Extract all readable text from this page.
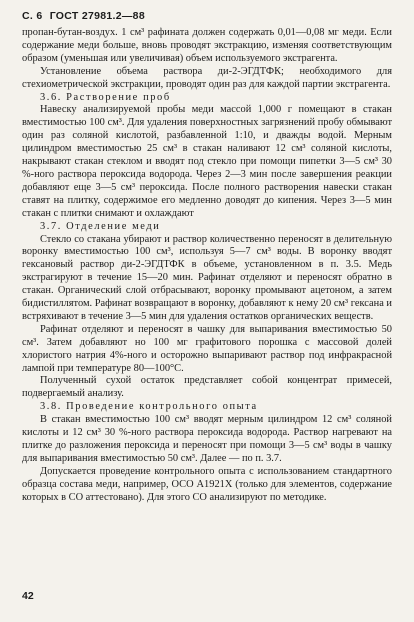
С. 6 ГОСТ 27981.2—88

пропан-бутан-воздух. 1 см³ рафината должен содержать 0,01—0,08 мг меди. Если содержание меди больше, вновь проводят экстракцию, изменяя соответствующим образом (уменьшая или увеличивая) объем используемого экстрагента.

Установление объема раствора ди-2-ЭГДТФК; необходимого для стехиометрической экстракции, проводят один раз для каждой партии экстрагента.

3.6. Растворение проб

Навеску анализируемой пробы меди массой 1,000 г помещают в стакан вместимостью 100 см³. Для удаления поверхностных загрязнений пробу обмывают один раз соляной кислотой, разбавленной 1:10, и дважды водой. Мерным цилиндром вместимостью 25 см³ в стакан наливают 12 см³ соляной кислоты, накрывают стакан стеклом и вводят под стекло при помощи пипетки 3—5 см³ 30 %-ного раствора пероксида водорода. Через 2—3 мин после завершения реакции добавляют еще 3—5 см³ пероксида. После полного растворения навески стакан ставят на плитку, содержимое его медленно доводят до кипения. Через 3—5 мин стакан с плитки снимают и охлаждают

3.7. Отделение меди

Стекло со стакана убирают и раствор количественно переносят в делительную воронку вместимостью 100 см³, используя 5—7 см³ воды. В воронку вводят гексановый раствор ди-2-ЭГДТФК в объеме, установленном в п. 3.5. Медь экстрагируют в течение 15—20 мин. Рафинат отделяют и переносят обратно в стакан. Органический слой отбрасывают, воронку промывают ацетоном, а затем бидистиллятом. Рафинат возвращают в воронку, добавляют к нему 20 см³ гексана и встряхивают в течение 3—5 мин для удаления остатков органических веществ.

Рафинат отделяют и переносят в чашку для выпаривания вместимостью 50 см³. Затем добавляют но 100 мг графитового порошка с массовой долей хлористого натрия 4%-ного и осторожно выпаривают раствор под инфракрасной лампой при температуре 80—100°С.

Полученный сухой остаток представляет собой концентрат примесей, подвергаемый анализу.

3.8. Проведение контрольного опыта

В стакан вместимостью 100 см³ вводят мерным цилиндром 12 см³ соляной кислоты и 12 см³ 30 %-ного раствора пероксида водорода. Раствор нагревают на плитке до разложения пероксида и переносят при помощи 3—5 см³ воды в чашку для выпаривания вместимостью 50 см³. Далее — по п. 3.7.

Допускается проведение контрольного опыта с использованием стандартного образца состава меди, например, ОСО А1921Х (только для элементов, содержание которых в СО аттестовано). Для этого СО анализируют по методике.

42
